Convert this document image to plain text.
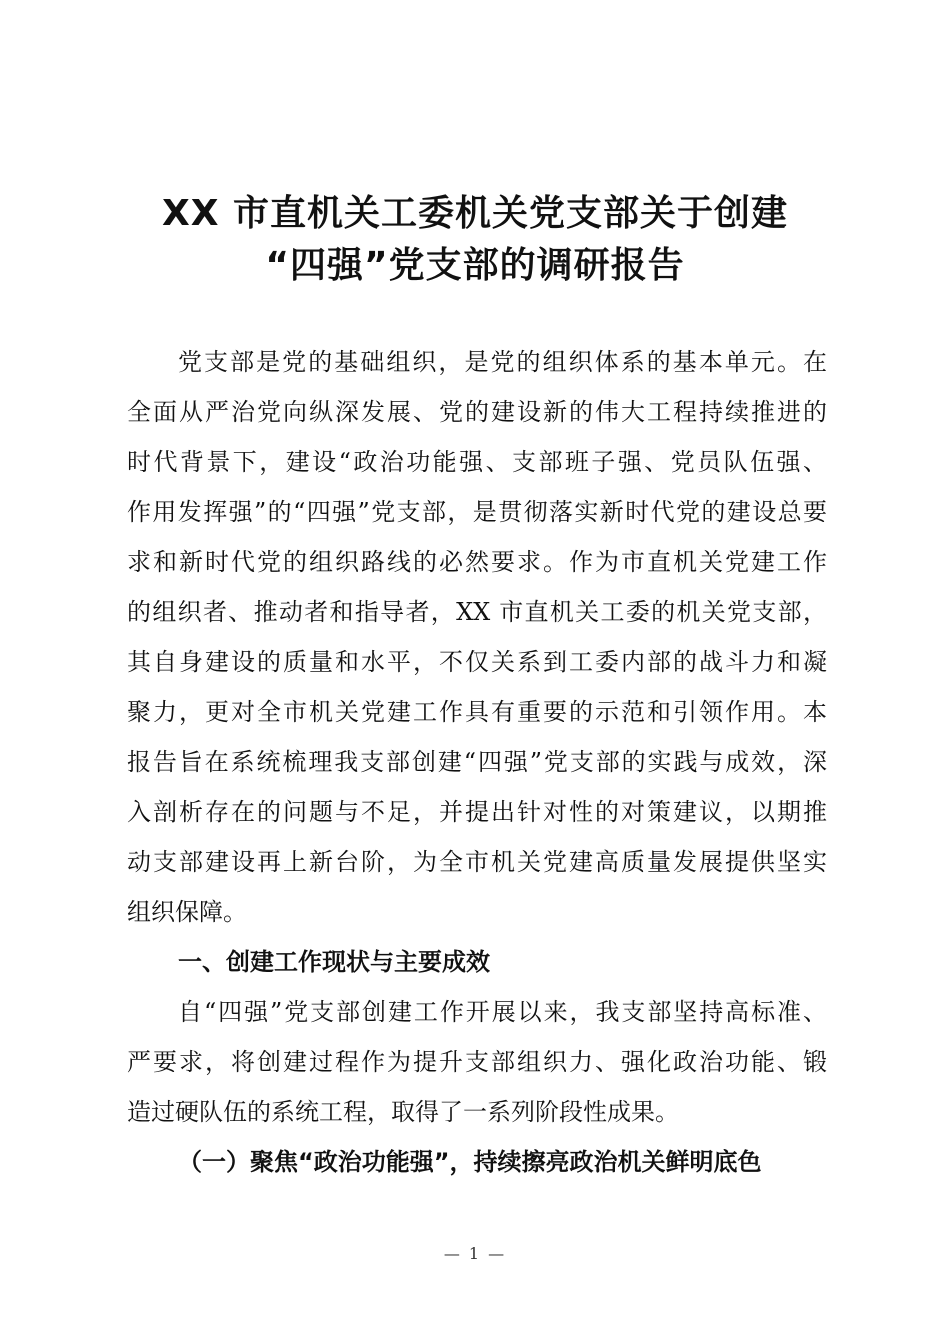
XX 市直机关工委机关党支部关于创建
“四强”党支部的调研报告
党支部是党的基础组织，是党的组织体系的基本单元。在
全面从严治党向纵深发展、党的建设新的伟大工程持续推进的
时代背景下，建设“政治功能强、支部班子强、党员队伍强、
作用发挥强”的“四强”党支部，是贯彻落实新时代党的建设总要
求和新时代党的组织路线的必然要求。作为市直机关党建工作
的组织者、推动者和指导者，XX 市直机关工委的机关党支部，
其自身建设的质量和水平，不仅关系到工委内部的战斗力和凝
聚力，更对全市机关党建工作具有重要的示范和引领作用。本
报告旨在系统梳理我支部创建“四强”党支部的实践与成效，深
入剖析存在的问题与不足，并提出针对性的对策建议，以期推
动支部建设再上新台阶，为全市机关党建高质量发展提供坚实
组织保障。
一、创建工作现状与主要成效
自“四强”党支部创建工作开展以来，我支部坚持高标准、
严要求，将创建过程作为提升支部组织力、强化政治功能、锻
造过硬队伍的系统工程，取得了一系列阶段性成果。
（一）聚焦“政治功能强”，持续擦亮政治机关鲜明底色
— 1 —
